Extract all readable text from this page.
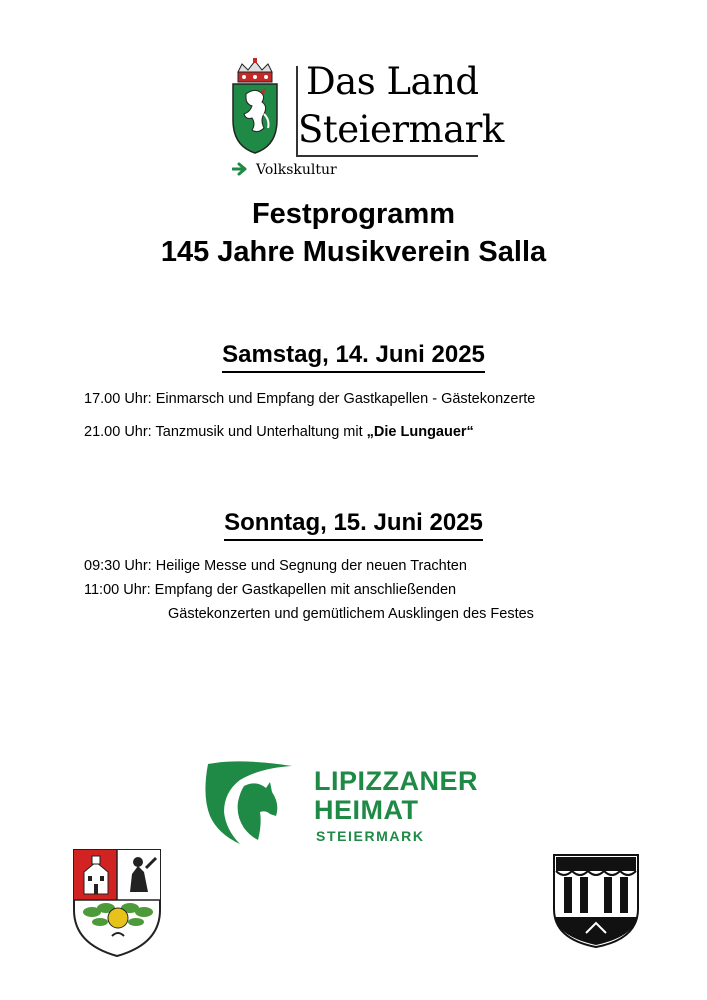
Das Land
Steiermark
Volkskultur
Festprogramm
145 Jahre Musikverein Salla
Samstag, 14. Juni 2025
17.00 Uhr: Einmarsch und Empfang der Gastkapellen - Gästekonzerte
21.00 Uhr: Tanzmusik und Unterhaltung mit „Die Lungauer“
Sonntag, 15. Juni 2025
09:30 Uhr: Heilige Messe und Segnung der neuen Trachten
11:00 Uhr: Empfang der Gastkapellen mit anschließenden
Gästekonzerten und gemütlichem Ausklingen des Festes
LIPIZZANER
HEIMAT
STEIERMARK
